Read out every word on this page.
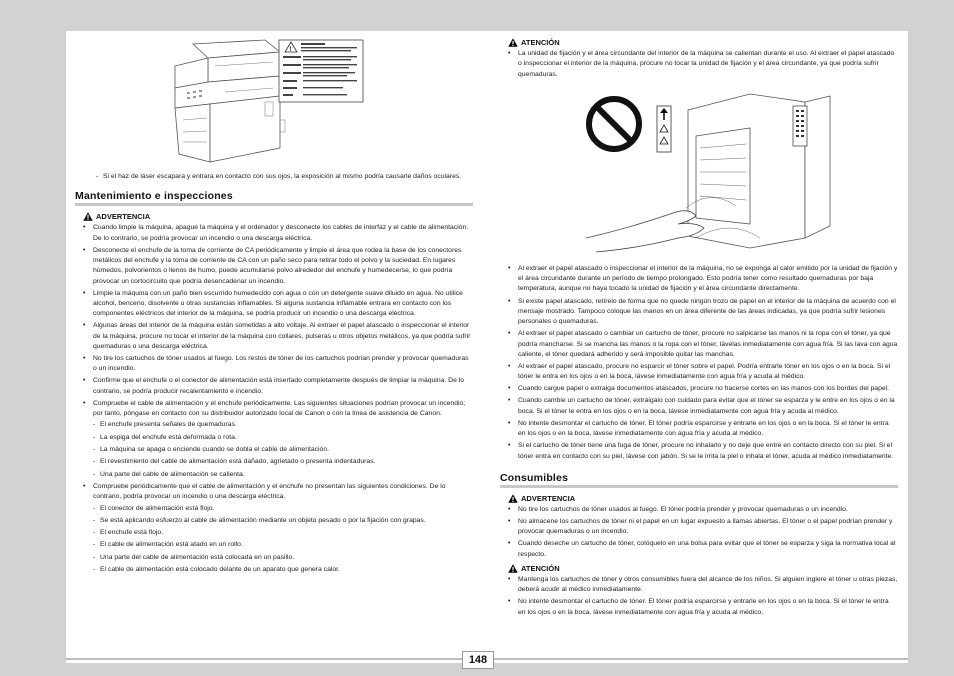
148
!
- Si el haz de láser escapara y entrara en contacto con sus ojos, la exposición al mismo podría causarle daños oculares.
Mantenimiento e inspecciones
ADVERTENCIA
• Cuando limpie la máquina, apague la máquina y el ordenador y desconecte los cables de interfaz y el cable de alimentación. De lo contrario, se podría provocar un incendio o una descarga eléctrica.
• Desconecte el enchufe de la toma de corriente de CA periódicamente y limpie el área que rodea la base de los conectores metálicos del enchufe y la toma de corriente de CA con un paño seco para retirar todo el polvo y la suciedad. En lugares húmedos, polvorientos o llenos de humo, puede acumularse polvo alrededor del enchufe y humedecerse, lo que podría provocar un cortocircuito que podría desencadenar un incendio.
• Limpie la máquina con un paño bien escurrido humedecido con agua o con un detergente suave diluido en agua. No utilice alcohol, benceno, disolvente u otras sustancias inflamables. Si alguna sustancia inflamable entrara en contacto con los componentes eléctricos del interior de la máquina, se podría producir un incendio o una descarga eléctrica.
• Algunas áreas del interior de la máquina están sometidas a alto voltaje. Al extraer el papel atascado o inspeccionar el interior de la máquina, procure no tocar el interior de la máquina con collares, pulseras u otros objetos metálicos, ya que podría sufrir quemaduras o una descarga eléctrica.
• No tire los cartuchos de tóner usados al fuego. Los restos de tóner de los cartuchos podrían prender y provocar quemaduras o un incendio.
• Confirme que el enchufe o el conector de alimentación está insertado completamente después de limpiar la máquina. De lo contrario, se podría producir recalentamiento e incendio.
• Compruebe el cable de alimentación y el enchufe periódicamente. Las siguientes situaciones podrían provocar un incendio; por tanto, póngase en contacto con su distribuidor autorizado local de Canon o con la línea de asistencia de Canon.
- El enchufe presenta señales de quemaduras.
- La espiga del enchufe está deformada o rota.
- La máquina se apaga o enciende cuando se dobla el cable de alimentación.
- El revestimiento del cable de alimentación está dañado, agrietado o presenta indentaduras.
- Una parte del cable de alimentación se calienta.
• Compruebe periódicamente que el cable de alimentación y el enchufe no presentan las siguientes condiciones. De lo contrario, podría provocar un incendio o una descarga eléctrica.
- El conector de alimentación está flojo.
- Se está aplicando esfuerzo al cable de alimentación mediante un objeto pesado o por la fijación con grapas.
- El enchufe está flojo.
- El cable de alimentación está atado en un rollo.
- Una parte del cable de alimentación está colocada en un pasillo.
- El cable de alimentación está colocado delante de un aparato que genera calor.
ATENCIÓN
• La unidad de fijación y el área circundante del interior de la máquina se calientan durante el uso. Al extraer el papel atascado o inspeccionar el interior de la máquina, procure no tocar la unidad de fijación y el área circundante, ya que podría sufrir quemaduras.
• Al extraer el papel atascado o inspeccionar el interior de la máquina, no se exponga al calor emitido por la unidad de fijación y el área circundante durante un período de tiempo prolongado. Esto podría tener como resultado quemaduras por baja temperatura, aunque no haya tocado la unidad de fijación y el área circundante directamente.
• Si existe papel atascado, retírelo de forma que no quede ningún trozo de papel en el interior de la máquina de acuerdo con el mensaje mostrado. Tampoco coloque las manos en un área diferente de las áreas indicadas, ya que podría sufrir lesiones personales o quemaduras.
• Al extraer el papel atascado o cambiar un cartucho de tóner, procure no salpicarse las manos ni la ropa con el tóner, ya que podría mancharse. Si se mancha las manos o la ropa con el tóner, lávelas inmediatamente con agua fría. Si las lava con agua caliente, el tóner quedará adherido y será imposible quitar las manchas.
• Al extraer el papel atascado, procure no esparcir el tóner sobre el papel. Podría entrarle tóner en los ojos o en la boca. Si el tóner le entra en los ojos o en la boca, lávese inmediatamente con agua fría y acuda al médico.
• Cuando cargue papel o extraiga documentos atascados, procure no hacerse cortes en las manos con los bordes del papel.
• Cuando cambie un cartucho de tóner, extráigalo con cuidado para evitar que el tóner se esparza y le entre en los ojos o en la boca. Si el tóner le entra en los ojos o en la boca, lávese inmediatamente con agua fría y acuda al médico.
• No intente desmontar el cartucho de tóner. El tóner podría esparcirse y entrarle en los ojos o en la boca. Si el tóner le entra en los ojos o en la boca, lávese inmediatamente con agua fría y acuda al médico.
• Si el cartucho de tóner tiene una fuga de tóner, procure no inhalarlo y no deje que entre en contacto directo con su piel. Si el tóner entra en contacto con su piel, lávese con jabón. Si se le irrita la piel o inhala el tóner, acuda al médico inmediatamente.
Consumibles
ADVERTENCIA
• No tire los cartuchos de tóner usados al fuego. El tóner podría prender y provocar quemaduras o un incendio.
• No almacene los cartuchos de tóner ni el papel en un lugar expuesto a llamas abiertas. El tóner o el papel podrían prender y provocar quemaduras o un incendio.
• Cuando deseche un cartucho de tóner, colóquelo en una bolsa para evitar que el tóner se esparza y siga la normativa local al respecto.
ATENCIÓN
• Mantenga los cartuchos de tóner y otros consumibles fuera del alcance de los niños. Si alguien ingiere el tóner u otras piezas, deberá acudir al médico inmediatamente.
• No intente desmontar el cartucho de tóner. El tóner podría esparcirse y entrarle en los ojos o en la boca. Si el tóner le entra en los ojos o en la boca, lávese inmediatamente con agua fría y acuda al médico.
